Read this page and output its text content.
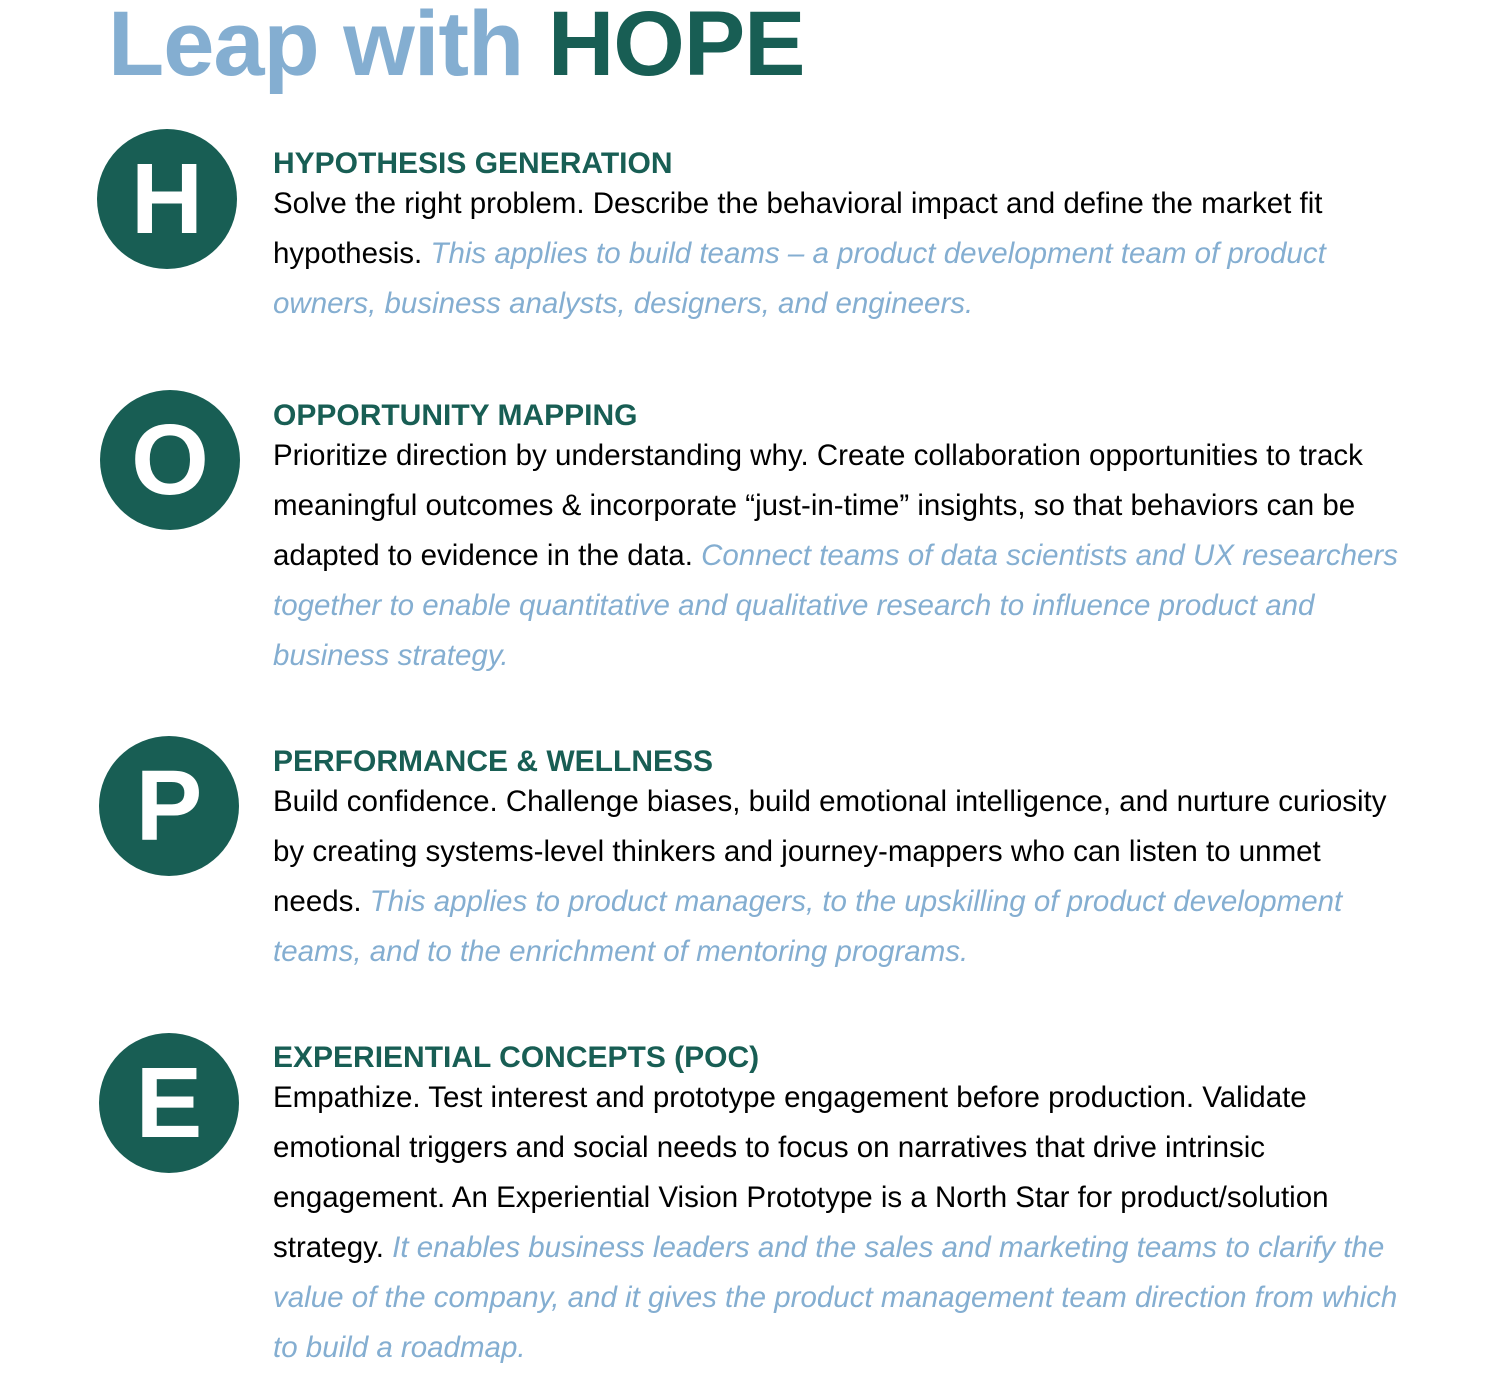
Leap with HOPE
H	HYPOTHESIS GENERATION

Solve the right problem. Describe the behavioral impact and define the market fit hypothesis. This applies to build teams – a product development team of product owners, business analysts, designers, and engineers.

O	OPPORTUNITY MAPPING

Prioritize direction by understanding why. Create collaboration opportunities to track meaningful outcomes & incorporate “just-in-time” insights, so that behaviors can be adapted to evidence in the data. Connect teams of data scientists and UX researchers together to enable quantitative and qualitative research to influence product and business strategy.

P	PERFORMANCE & WELLNESS

Build confidence. Challenge biases, build emotional intelligence, and nurture curiosity by creating systems-level thinkers and journey-mappers who can listen to unmet needs. This applies to product managers, to the upskilling of product development teams, and to the enrichment of mentoring programs.

E	EXPERIENTIAL CONCEPTS (POC)

Empathize. Test interest and prototype engagement before production. Validate emotional triggers and social needs to focus on narratives that drive intrinsic engagement. An Experiential Vision Prototype is a North Star for product/solution strategy. It enables business leaders and the sales and marketing teams to clarify the value of the company, and it gives the product management team direction from which to build a roadmap.
